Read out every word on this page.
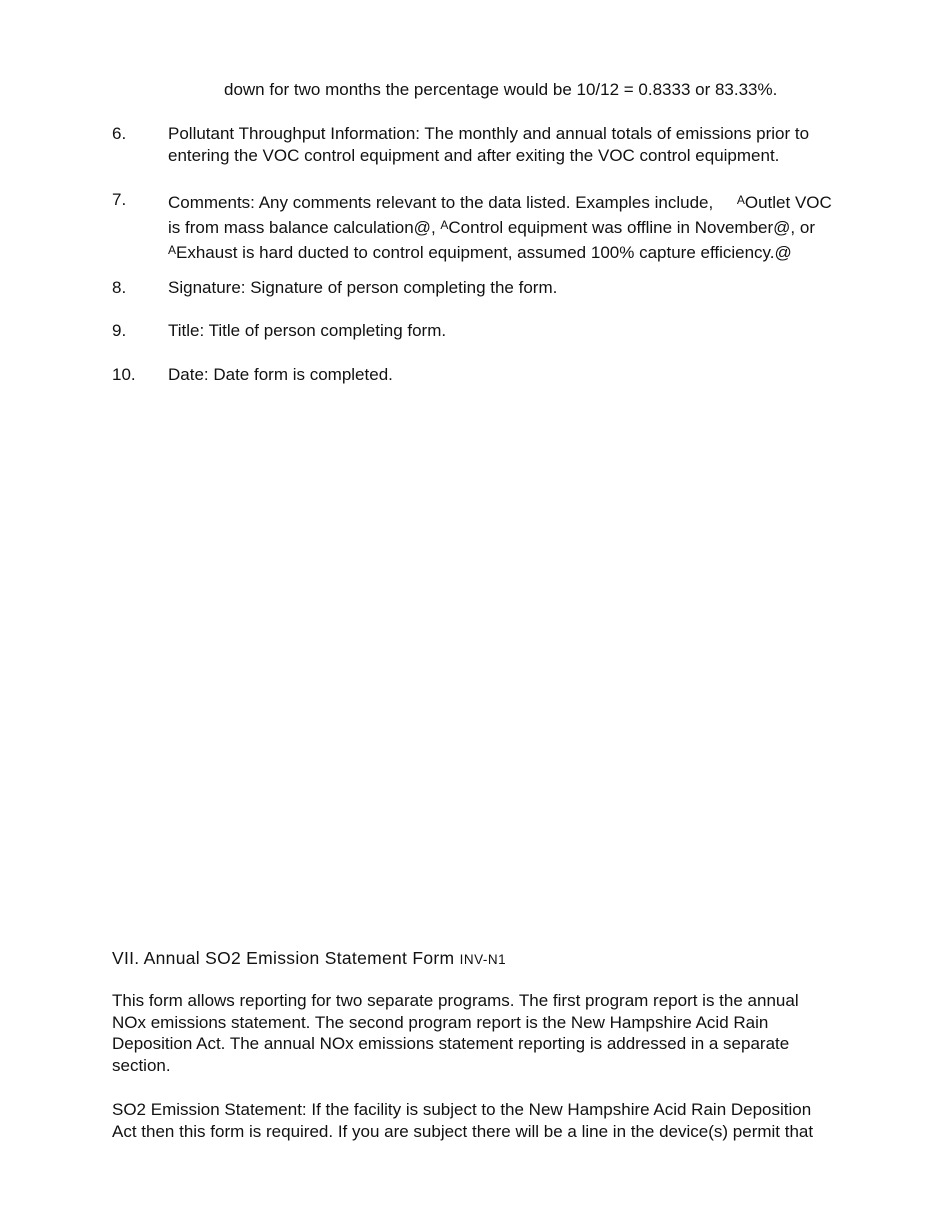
down for two months the percentage would be 10/12 = 0.8333 or 83.33%.
6.	Pollutant Throughput Information: The monthly and annual totals of emissions prior to entering the VOC control equipment and after exiting the VOC control equipment.
7.	Comments: Any comments relevant to the data listed. Examples include, $^A$Outlet VOC is from mass balance calculation@, $^A$Control equipment was offline in November@, or $^A$Exhaust is hard ducted to control equipment, assumed 100% capture efficiency.@
8.	Signature: Signature of person completing the form.
9.	Title: Title of person completing form.
10.	Date: Date form is completed.
VII. Annual SO2 Emission Statement Form INV-N1
This form allows reporting for two separate programs. The first program report is the annual NOx emissions statement. The second program report is the New Hampshire Acid Rain Deposition Act. The annual NOx emissions statement reporting is addressed in a separate section.
SO2 Emission Statement: If the facility is subject to the New Hampshire Acid Rain Deposition Act then this form is required. If you are subject there will be a line in the device(s) permit that
